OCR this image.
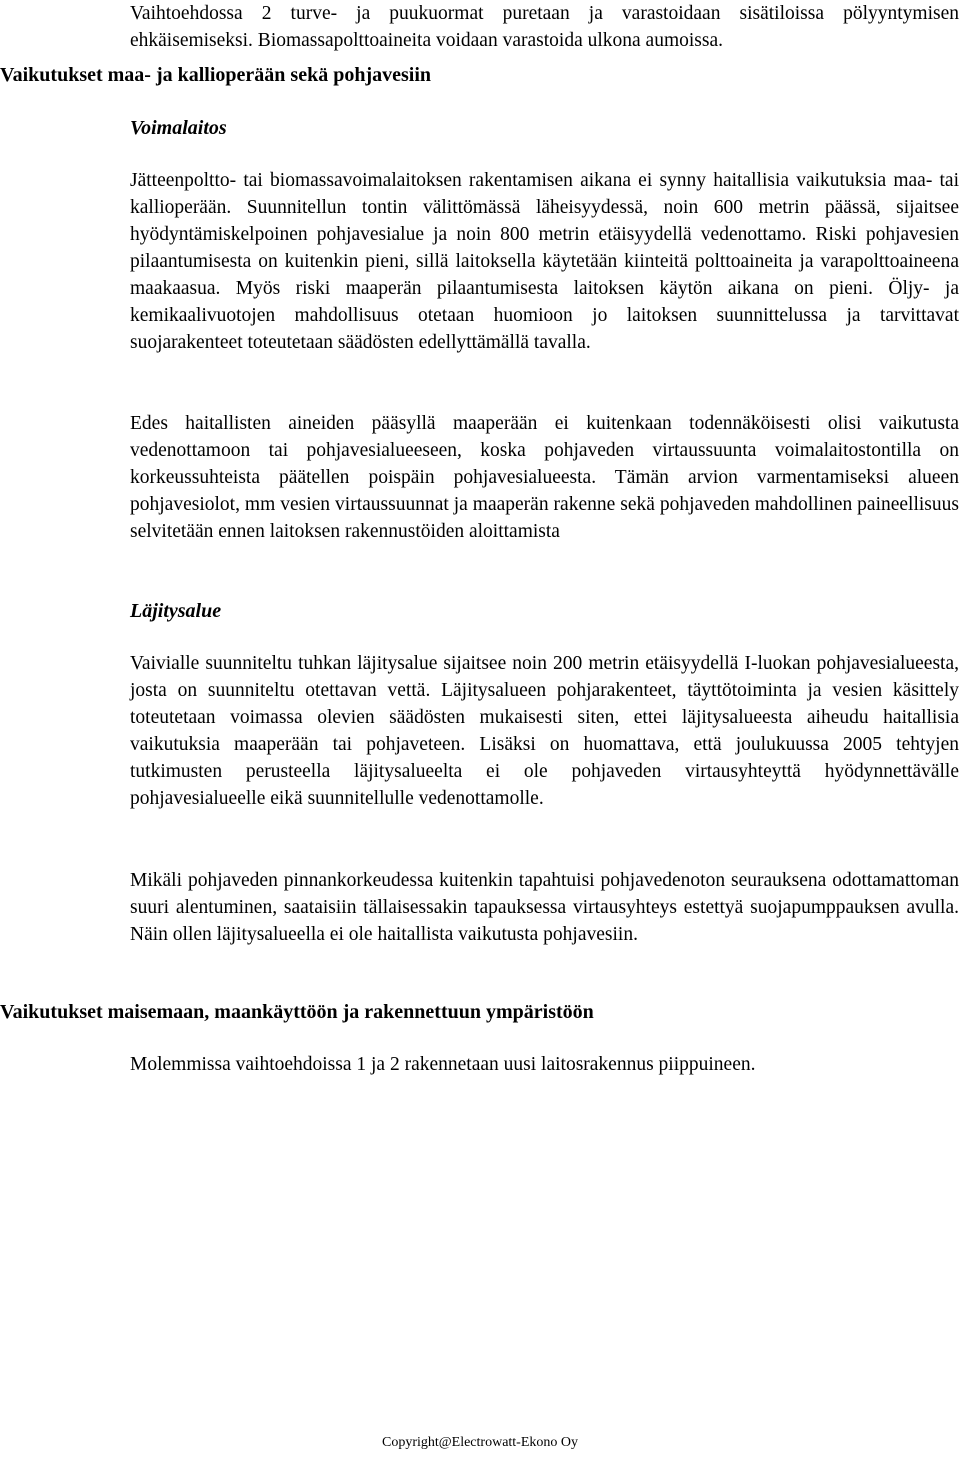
Vaihtoehdossa 2 turve- ja puukuormat puretaan ja varastoidaan sisätiloissa pölyyntymisen ehkäisemiseksi. Biomassapolttoaineita voidaan varastoida ulkona aumoissa.

Vaikutukset maa- ja kallioperään sekä pohjavesiin
Voimalaitos

Jätteenpoltto- tai biomassavoimalaitoksen rakentamisen aikana ei synny haitallisia vaikutuksia maa- tai kallioperään. Suunnitellun tontin välittömässä läheisyydessä, noin 600 metrin päässä, sijaitsee hyödyntämiskelpoinen pohjavesialue ja noin 800 metrin etäisyydellä vedenottamo. Riski pohjavesien pilaantumisesta on kuitenkin pieni, sillä laitoksella käytetään kiinteitä polttoaineita ja varapolttoaineena maakaasua. Myös riski maaperän pilaantumisesta laitoksen käytön aikana on pieni. Öljy- ja kemikaalivuotojen mahdollisuus otetaan huomioon jo laitoksen suunnittelussa ja tarvittavat suojarakenteet toteutetaan säädösten edellyttämällä tavalla.

Edes haitallisten aineiden pääsyllä maaperään ei kuitenkaan todennäköisesti olisi vaikutusta vedenottamoon tai pohjavesialueeseen, koska pohjaveden virtaussuunta voimalaitostontilla on korkeussuhteista päätellen poispäin pohjavesialueesta. Tämän arvion varmentamiseksi alueen pohjavesiolot, mm vesien virtaussuunnat ja maaperän rakenne sekä pohjaveden mahdollinen paineellisuus selvitetään ennen laitoksen rakennustöiden aloittamista

Läjitysalue

Vaivialle suunniteltu tuhkan läjitysalue sijaitsee noin 200 metrin etäisyydellä I-luokan pohjavesialueesta, josta on suunniteltu otettavan vettä. Läjitysalueen pohjarakenteet, täyttötoiminta ja vesien käsittely toteutetaan voimassa olevien säädösten mukaisesti siten, ettei läjitysalueesta aiheudu haitallisia vaikutuksia maaperään tai pohjaveteen. Lisäksi on huomattava, että joulukuussa 2005 tehtyjen tutkimusten perusteella läjitysalueelta ei ole pohjaveden virtausyhteyttä hyödynnettävälle pohjavesialueelle eikä suunnitellulle vedenottamolle.

Mikäli pohjaveden pinnankorkeudessa kuitenkin tapahtuisi pohjavedenoton seurauksena odottamattoman suuri alentuminen, saataisiin tällaisessakin tapauksessa virtausyhteys estettyä suojapumppauksen avulla. Näin ollen läjitysalueella ei ole haitallista vaikutusta pohjavesiin.

Vaikutukset maisemaan, maankäyttöön ja rakennettuun ympäristöön

Molemmissa vaihtoehdoissa 1 ja 2 rakennetaan uusi laitosrakennus piippuineen.

Copyright@Electrowatt-Ekono Oy
